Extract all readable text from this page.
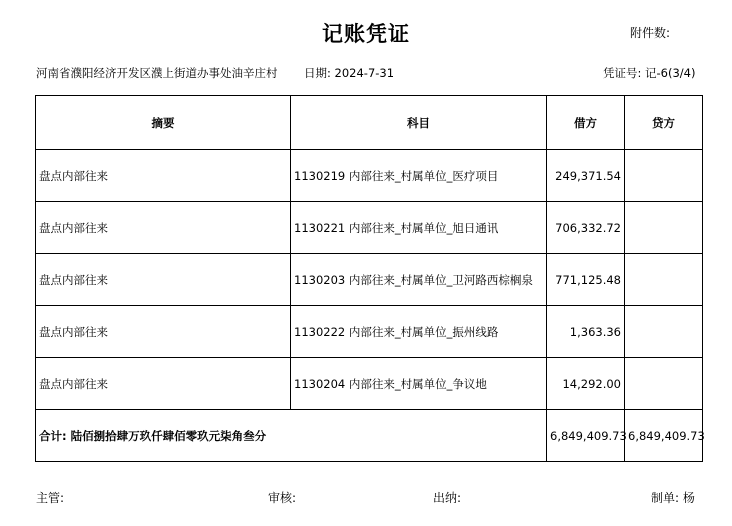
记账凭证	附件数:
河南省濮阳经济开发区濮上街道办事处油辛庄村 日期: 2024-7-31	凭证号: 记-6(3/4)
摘要	科目	借方	贷方
盘点内部往来	1130219 内部往来_村属单位_医疗项目	249,371.54	
盘点内部往来	1130221 内部往来_村属单位_旭日通讯	706,332.72	
盘点内部往来	1130203 内部往来_村属单位_卫河路西棕榈泉	771,125.48	
盘点内部往来	1130222 内部往来_村属单位_振州线路	1,363.36	
盘点内部往来	1130204 内部往来_村属单位_争议地	14,292.00	
合计: 陆佰捌拾肆万玖仟肆佰零玖元柒角叁分		6,849,409.73	6,849,409.73
主管:	审核:	出纳:	制单: 杨
